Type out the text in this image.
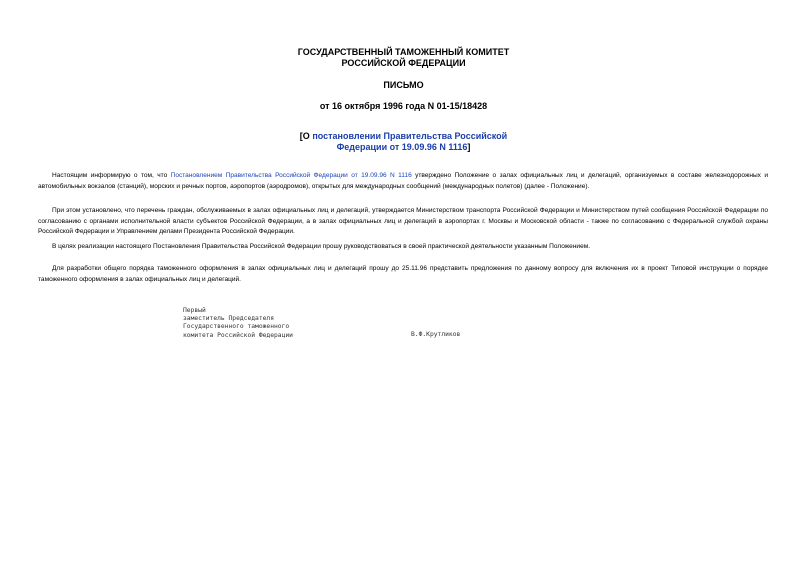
ГОСУДАРСТВЕННЫЙ ТАМОЖЕННЫЙ КОМИТЕТ
РОССИЙСКОЙ ФЕДЕРАЦИИ
ПИСЬМО
от 16 октября 1996 года N 01-15/18428
[О постановлении Правительства Российской
Федерации от 19.09.96 N 1116]
Настоящим информирую о том, что Постановлением Правительства Российской Федерации от 19.09.96 N 1116 утверждено Положение о залах официальных лиц и делегаций, организуемых в составе железнодорожных и автомобильных вокзалов (станций), морских и речных портов, аэропортов (аэродромов), открытых для международных сообщений (международных полетов) (далее - Положение).
При этом установлено, что перечень граждан, обслуживаемых в залах официальных лиц и делегаций, утверждается Министерством транспорта Российской Федерации и Министерством путей сообщения Российской Федерации по согласованию с органами исполнительной власти субъектов Российской Федерации, а в залах официальных лиц и делегаций в аэропортах г. Москвы и Московской области - также по согласованию с Федеральной службой охраны Российской Федерации и Управлением делами Президента Российской Федерации.
В целях реализации настоящего Постановления Правительства Российской Федерации прошу руководствоваться в своей практической деятельности указанным Положением.
Для разработки общего порядка таможенного оформления в залах официальных лиц и делегаций прошу до 25.11.96 представить предложения по данному вопросу для включения их в проект Типовой инструкции о порядке таможенного оформления в залах официальных лиц и делегаций.
Первый
заместитель Председателя
Государственного таможенного
комитета Российской Федерации	В.Ф.Крутликов
